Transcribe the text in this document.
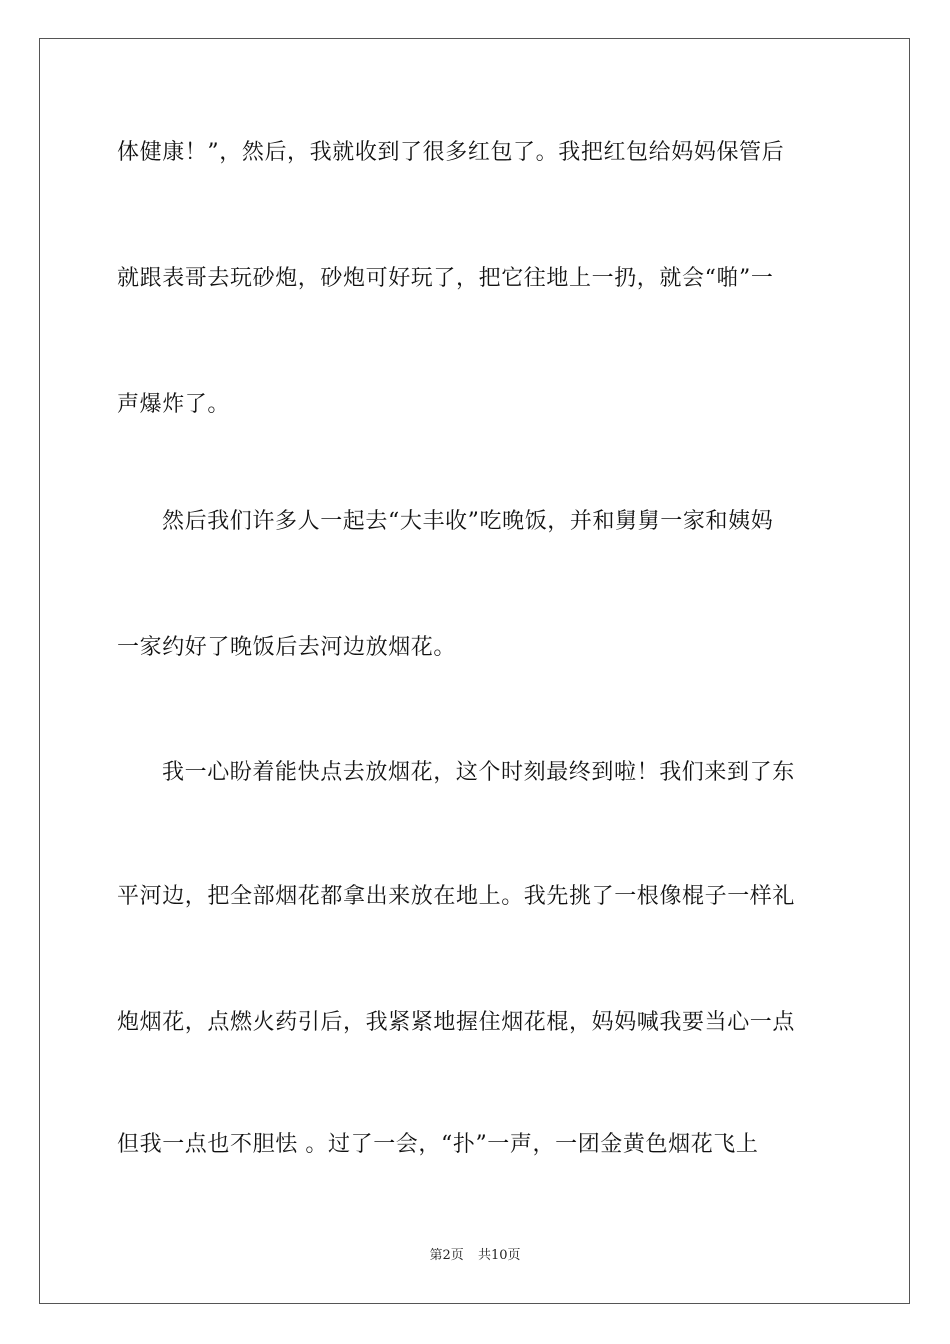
体健康！”，然后，我就收到了很多红包了。我把红包给妈妈保管后

就跟表哥去玩砂炮，砂炮可好玩了，把它往地上一扔，就会“啪”一

声爆炸了。

然后我们许多人一起去“大丰收”吃晚饭，并和舅舅一家和姨妈

一家约好了晚饭后去河边放烟花。

我一心盼着能快点去放烟花，这个时刻最终到啦！我们来到了东

平河边，把全部烟花都拿出来放在地上。我先挑了一根像棍子一样礼

炮烟花，点燃火药引后，我紧紧地握住烟花棍，妈妈喊我要当心一点

但我一点也不胆怯 。过了一会，“扑”一声，一团金黄色烟花飞上

第2页 共10页
